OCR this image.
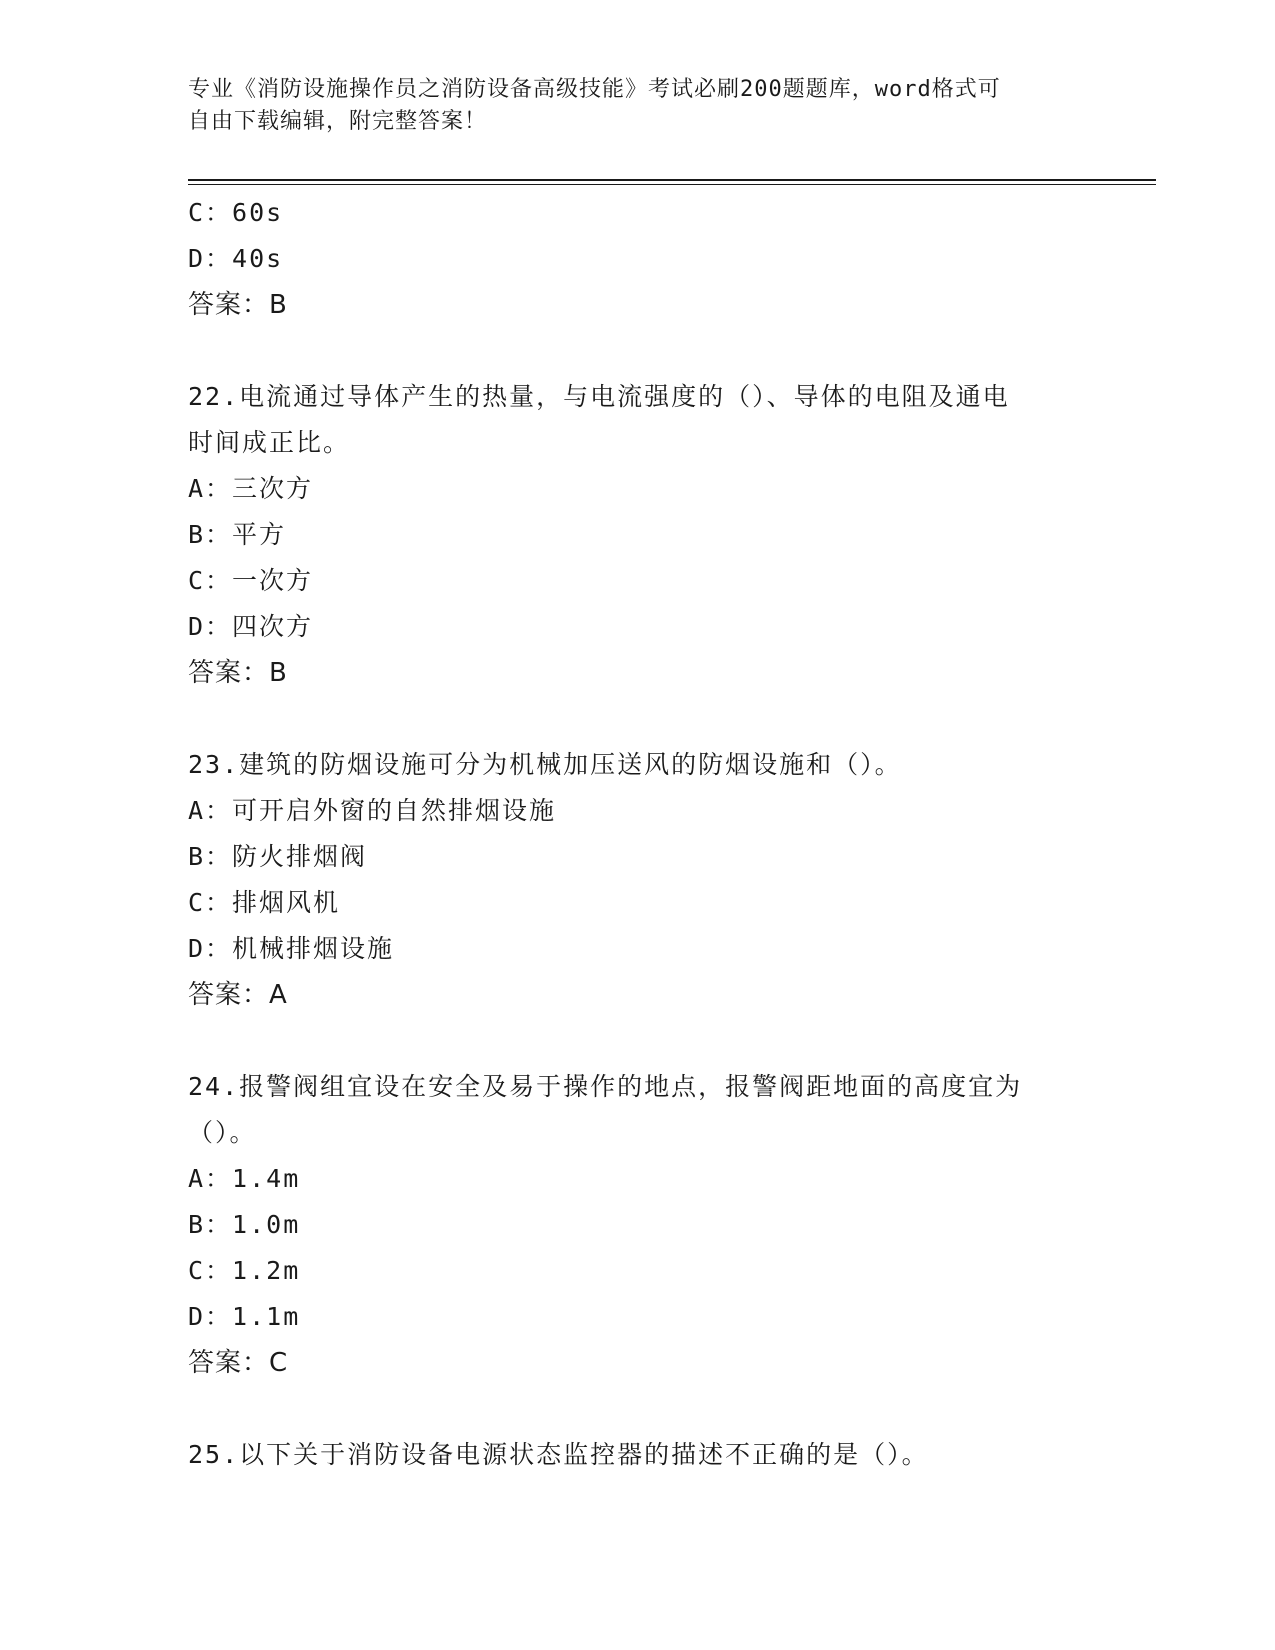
专业《消防设施操作员之消防设备高级技能》考试必刷200题题库，word格式可
自由下载编辑，附完整答案！
C：60s
D：40s
答案：B
22.电流通过导体产生的热量，与电流强度的（）、导体的电阻及通电
时间成正比。
A：三次方
B：平方
C：一次方
D：四次方
答案：B
23.建筑的防烟设施可分为机械加压送风的防烟设施和（）。
A：可开启外窗的自然排烟设施
B：防火排烟阀
C：排烟风机
D：机械排烟设施
答案：A
24.报警阀组宜设在安全及易于操作的地点，报警阀距地面的高度宜为
（）。
A：1.4m
B：1.0m
C：1.2m
D：1.1m
答案：C
25.以下关于消防设备电源状态监控器的描述不正确的是（）。
